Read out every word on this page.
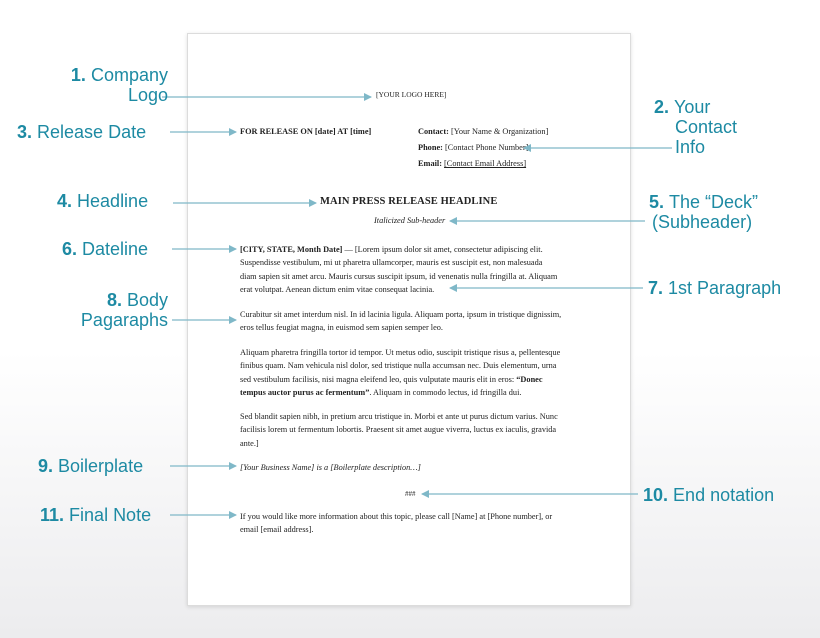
[YOUR LOGO HERE]
FOR RELEASE ON [date] AT [time]	Contact: [Your Name & Organization]
Phone: [Contact Phone Number]
Email: [Contact Email Address]
MAIN PRESS RELEASE HEADLINE
Italicized Sub-header
[CITY, STATE, Month Date] — [Lorem ipsum dolor sit amet, consectetur adipiscing elit.
Suspendisse vestibulum, mi ut pharetra ullamcorper, mauris est suscipit est, non malesuada
diam sapien sit amet arcu. Mauris cursus suscipit ipsum, id venenatis nulla fringilla at. Aliquam
erat volutpat. Aenean dictum enim vitae consequat lacinia.
Curabitur sit amet interdum nisl. In id lacinia ligula. Aliquam porta, ipsum in tristique dignissim,
eros tellus feugiat magna, in euismod sem sapien semper leo.
Aliquam pharetra fringilla tortor id tempor. Ut metus odio, suscipit tristique risus a, pellentesque
finibus quam. Nam vehicula nisl dolor, sed tristique nulla accumsan nec. Duis elementum, urna
sed vestibulum facilisis, nisi magna eleifend leo, quis vulputate mauris elit in eros: “Donec
tempus auctor purus ac fermentum”. Aliquam in commodo lectus, id fringilla dui.
Sed blandit sapien nibh, in pretium arcu tristique in. Morbi et ante ut purus dictum varius. Nunc
facilisis lorem ut fermentum lobortis. Praesent sit amet augue viverra, luctus ex iaculis, gravida
ante.]
[Your Business Name] is a [Boilerplate description…]
###
If you would like more information about this topic, please call [Name] at [Phone number], or
email [email address].
1. Company
Logo
2. Your
Contact
Info
3. Release Date
4. Headline	5. The “Deck”
(Subheader)
6. Dateline
7. 1st Paragraph
8. Body
Pagaraphs
9. Boilerplate
10. End notation
11. Final Note
